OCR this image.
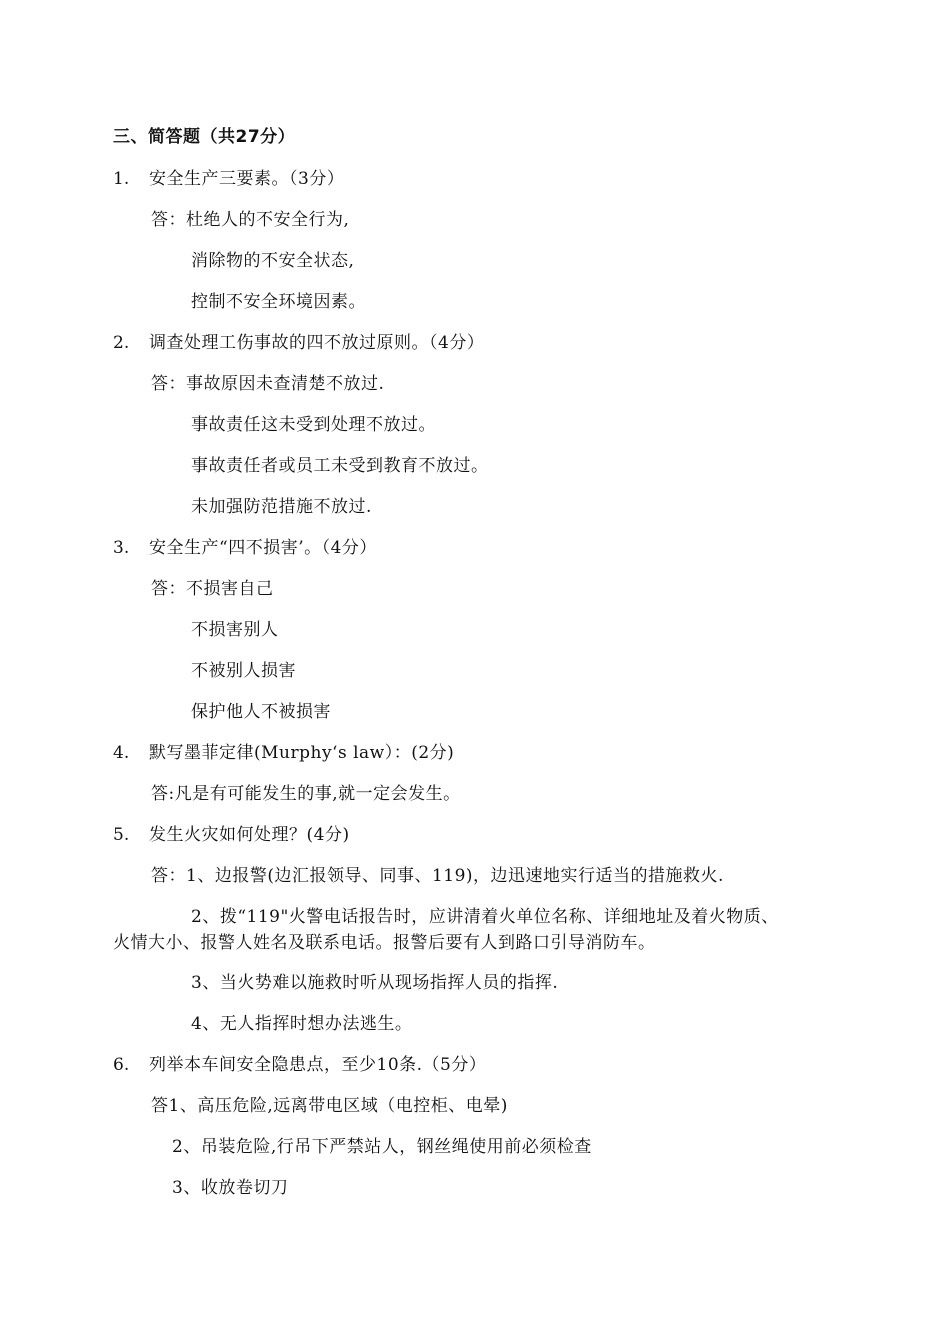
三、简答题（共27分）
1. 安全生产三要素。（3分）
答：杜绝人的不安全行为,
消除物的不安全状态,
控制不安全环境因素。
2. 调查处理工伤事故的四不放过原则。（4分）
答：事故原因未查清楚不放过.
事故责任这未受到处理不放过。
事故责任者或员工未受到教育不放过。
未加强防范措施不放过.
3. 安全生产“四不损害’。（4分）
答：不损害自己
不损害别人
不被别人损害
保护他人不被损害
4. 默写墨菲定律(Murphy‘s law）：(2分)
答:凡是有可能发生的事,就一定会发生。
5. 发生火灾如何处理？(4分)
答：1、边报警(边汇报领导、同事、119)，边迅速地实行适当的措施救火.
2、拨“119"火警电话报告时，应讲清着火单位名称、详细地址及着火物质、
火情大小、报警人姓名及联系电话。报警后要有人到路口引导消防车。
3、当火势难以施救时听从现场指挥人员的指挥.
4、无人指挥时想办法逃生。
6. 列举本车间安全隐患点，至少10条.（5分）
答1、高压危险,远离带电区域（电控柜、电晕)
2、吊装危险,行吊下严禁站人，钢丝绳使用前必须检查
3、收放卷切刀
